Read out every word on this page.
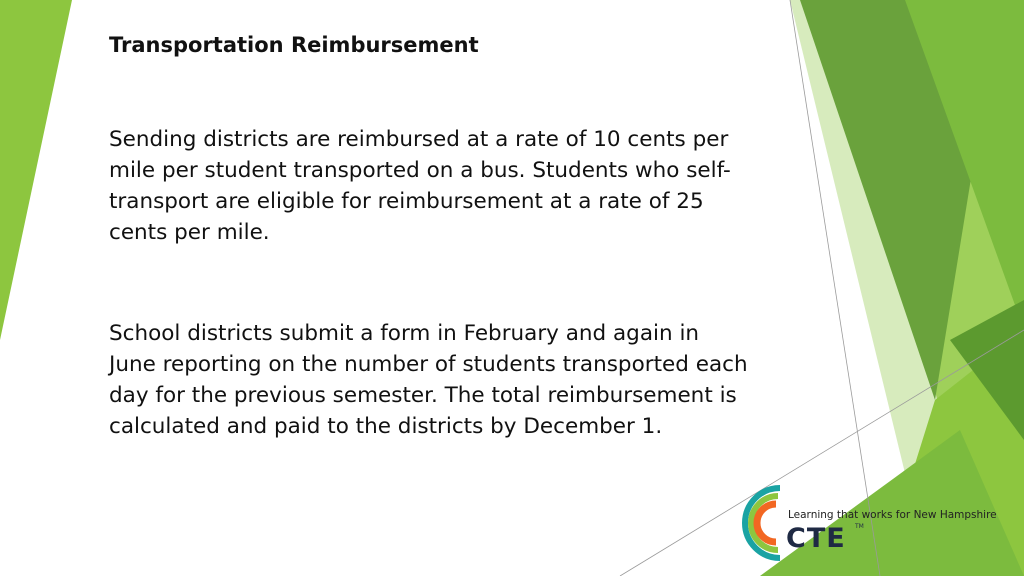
Transportation Reimbursement

Sending districts are reimbursed at a rate of 10 cents per mile per student transported on a bus. Students who self-transport are eligible for reimbursement at a rate of 25 cents per mile.

School districts submit a form in February and again in June reporting on the number of students transported each day for the previous semester. The total reimbursement is calculated and paid to the districts by December 1.

Learning that works for New Hampshire
CTE TM
